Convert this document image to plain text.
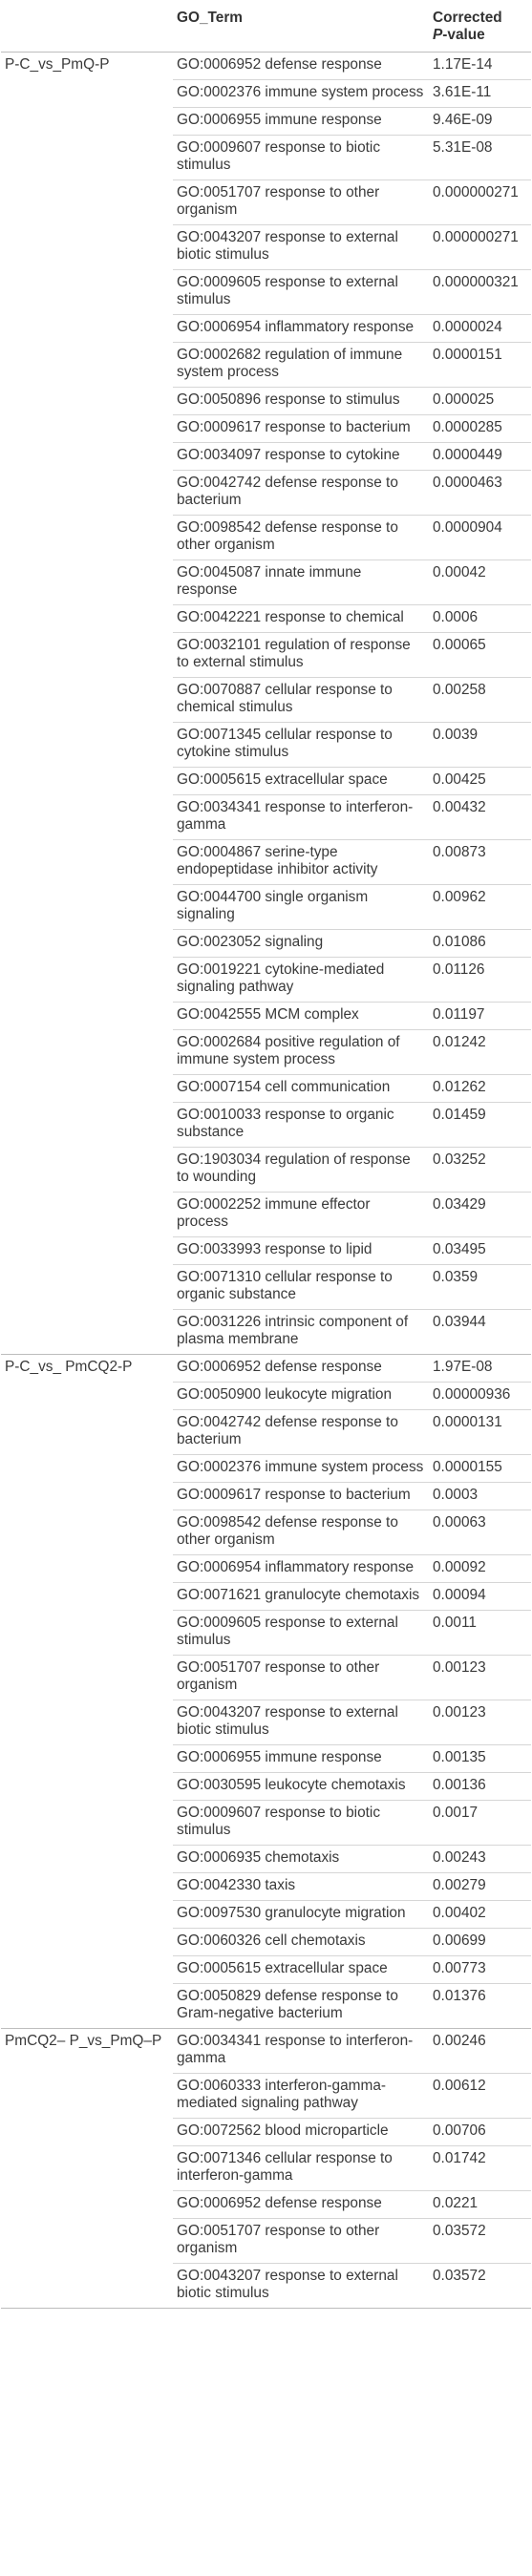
	GO_Term	Corrected
P-value
P-C_vs_PmQ-P	GO:0006952 defense response	1.17E-14
	GO:0002376 immune system process	3.61E-11
	GO:0006955 immune response	9.46E-09
	GO:0009607 response to biotic stimulus	5.31E-08
	GO:0051707 response to other organism	0.000000271
	GO:0043207 response to external biotic stimulus	0.000000271
	GO:0009605 response to external stimulus	0.000000321
	GO:0006954 inflammatory response	0.0000024
	GO:0002682 regulation of immune system process	0.0000151
	GO:0050896 response to stimulus	0.000025
	GO:0009617 response to bacterium	0.0000285
	GO:0034097 response to cytokine	0.0000449
	GO:0042742 defense response to bacterium	0.0000463
	GO:0098542 defense response to other organism	0.0000904
	GO:0045087 innate immune response	0.00042
	GO:0042221 response to chemical	0.0006
	GO:0032101 regulation of response to external stimulus	0.00065
	GO:0070887 cellular response to chemical stimulus	0.00258
	GO:0071345 cellular response to cytokine stimulus	0.0039
	GO:0005615 extracellular space	0.00425
	GO:0034341 response to interferon-gamma	0.00432
	GO:0004867 serine-type endopeptidase inhibitor activity	0.00873
	GO:0044700 single organism signaling	0.00962
	GO:0023052 signaling	0.01086
	GO:0019221 cytokine-mediated signaling pathway	0.01126
	GO:0042555 MCM complex	0.01197
	GO:0002684 positive regulation of immune system process	0.01242
	GO:0007154 cell communication	0.01262
	GO:0010033 response to organic substance	0.01459
	GO:1903034 regulation of response to wounding	0.03252
	GO:0002252 immune effector process	0.03429
	GO:0033993 response to lipid	0.03495
	GO:0071310 cellular response to organic substance	0.0359
	GO:0031226 intrinsic component of plasma membrane	0.03944
P-C_vs_ PmCQ2-P	GO:0006952 defense response	1.97E-08
	GO:0050900 leukocyte migration	0.00000936
	GO:0042742 defense response to bacterium	0.0000131
	GO:0002376 immune system process	0.0000155
	GO:0009617 response to bacterium	0.0003
	GO:0098542 defense response to other organism	0.00063
	GO:0006954 inflammatory response	0.00092
	GO:0071621 granulocyte chemotaxis	0.00094
	GO:0009605 response to external stimulus	0.0011
	GO:0051707 response to other organism	0.00123
	GO:0043207 response to external biotic stimulus	0.00123
	GO:0006955 immune response	0.00135
	GO:0030595 leukocyte chemotaxis	0.00136
	GO:0009607 response to biotic stimulus	0.0017
	GO:0006935 chemotaxis	0.00243
	GO:0042330 taxis	0.00279
	GO:0097530 granulocyte migration	0.00402
	GO:0060326 cell chemotaxis	0.00699
	GO:0005615 extracellular space	0.00773
	GO:0050829 defense response to Gram-negative bacterium	0.01376
PmCQ2– P_vs_PmQ–P	GO:0034341 response to interferon-gamma	0.00246
	GO:0060333 interferon-gamma-mediated signaling pathway	0.00612
	GO:0072562 blood microparticle	0.00706
	GO:0071346 cellular response to interferon-gamma	0.01742
	GO:0006952 defense response	0.0221
	GO:0051707 response to other organism	0.03572
	GO:0043207 response to external biotic stimulus	0.03572
